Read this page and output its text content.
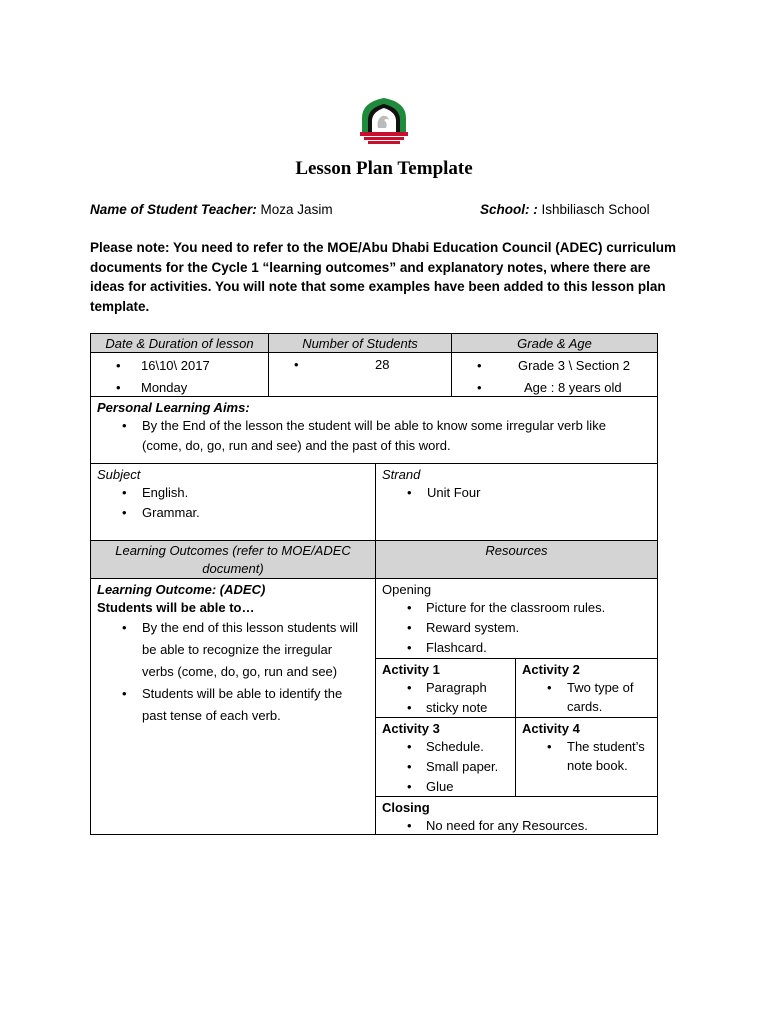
Lesson Plan Template
Name of Student Teacher: Moza Jasim	School: : Ishbiliasch School
Please note: You need to refer to the MOE/Abu Dhabi Education Council (ADEC) curriculum
documents for the Cycle 1 “learning outcomes” and explanatory notes, where there are
ideas for activities. You will note that some examples have been added to this lesson plan
template.
Date & Duration of lesson	Number of Students	Grade & Age
• 16\10\ 2017
• Monday
• 28
•	Grade 3 \ Section 2
• Age : 8 years old
Personal Learning Aims:
• By the End of the lesson the student will be able to know some irregular verb like (come, do, go, run and see) and the past of this word.
Subject
• English.
• Grammar.
Strand
• Unit Four
Learning Outcomes (refer to MOE/ADEC document)
Resources
Learning Outcome: (ADEC)
Students will be able to…
• By the end of this lesson students will be able to recognize the irregular verbs (come, do, go, run and see)
• Students will be able to identify the past tense of each verb.
Opening
• Picture for the classroom rules.
• Reward system.
• Flashcard.
Activity 1
• Paragraph
• sticky note
Activity 2
• Two type of cards.
Activity 3
• Schedule.
• Small paper.
• Glue
Activity 4
• The student’s note book.
Closing
• No need for any Resources.
